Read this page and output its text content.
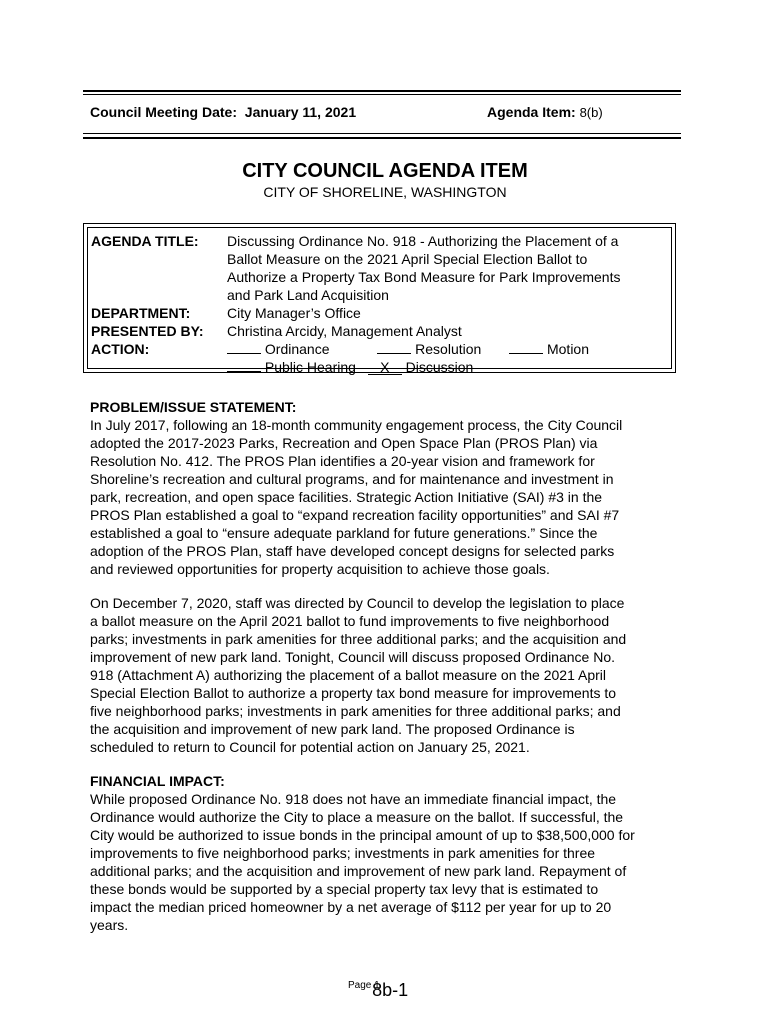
Council Meeting Date: January 11, 2021	Agenda Item: 8(b)
CITY COUNCIL AGENDA ITEM
CITY OF SHORELINE, WASHINGTON
AGENDA TITLE:	Discussing Ordinance No. 918 - Authorizing the Placement of a
Ballot Measure on the 2021 April Special Election Ballot to
Authorize a Property Tax Bond Measure for Park Improvements
and Park Land Acquisition
DEPARTMENT:	City Manager’s Office
PRESENTED BY:	Christina Arcidy, Management Analyst
ACTION:	Ordinance	Resolution	Motion
Public Hearing X Discussion
PROBLEM/ISSUE STATEMENT:

In July 2017, following an 18-month community engagement process, the City Council
adopted the 2017-2023 Parks, Recreation and Open Space Plan (PROS Plan) via
Resolution No. 412. The PROS Plan identifies a 20-year vision and framework for
Shoreline’s recreation and cultural programs, and for maintenance and investment in
park, recreation, and open space facilities. Strategic Action Initiative (SAI) #3 in the
PROS Plan established a goal to “expand recreation facility opportunities” and SAI #7
established a goal to “ensure adequate parkland for future generations.” Since the
adoption of the PROS Plan, staff have developed concept designs for selected parks
and reviewed opportunities for property acquisition to achieve those goals.

On December 7, 2020, staff was directed by Council to develop the legislation to place
a ballot measure on the April 2021 ballot to fund improvements to five neighborhood
parks; investments in park amenities for three additional parks; and the acquisition and
improvement of new park land. Tonight, Council will discuss proposed Ordinance No.
918 (Attachment A) authorizing the placement of a ballot measure on the 2021 April
Special Election Ballot to authorize a property tax bond measure for improvements to
five neighborhood parks; investments in park amenities for three additional parks; and
the acquisition and improvement of new park land. The proposed Ordinance is
scheduled to return to Council for potential action on January 25, 2021.

FINANCIAL IMPACT:

While proposed Ordinance No. 918 does not have an immediate financial impact, the
Ordinance would authorize the City to place a measure on the ballot. If successful, the
City would be authorized to issue bonds in the principal amount of up to $38,500,000 for
improvements to five neighborhood parks; investments in park amenities for three
additional parks; and the acquisition and improvement of new park land. Repayment of
these bonds would be supported by a special property tax levy that is estimated to
impact the median priced homeowner by a net average of $112 per year for up to 20
years.

$^{Page 1}$ 8b-1
